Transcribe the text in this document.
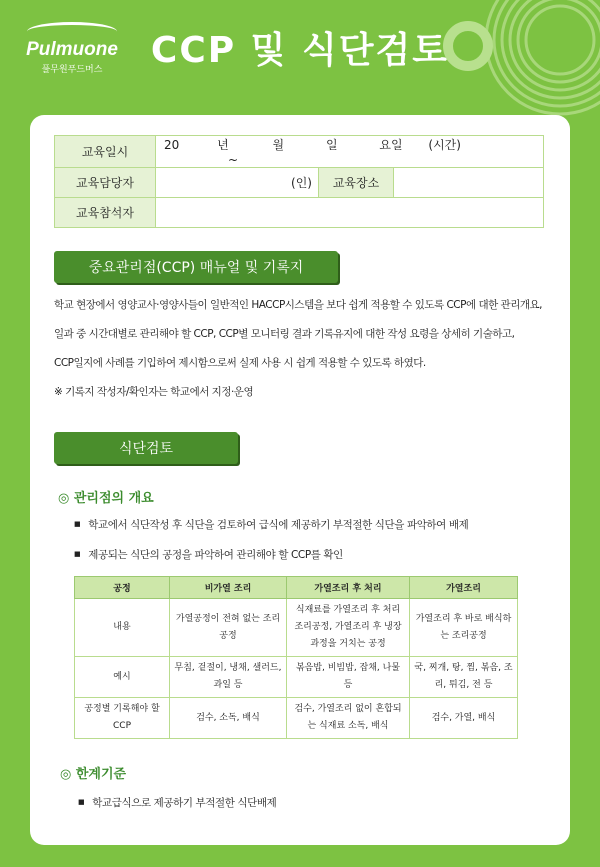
Pulmuone
풀무원푸드머스	CCP 및 식단검토
교육일시	20 년 월 일 요일 (시간) ~		
교육담당자	(인)	교육장소	
교육참석자			
중요관리점(CCP) 매뉴얼 및 기록지
학교 현장에서 영양교사·영양사들이 일반적인 HACCP시스템을 보다 쉽게 적용할 수 있도록 CCP에 대한 관리개요,
일과 중 시간대별로 관리해야 할 CCP, CCP별 모니터링 결과 기록유지에 대한 작성 요령을 상세히 기술하고,
CCP일지에 사례를 기입하여 제시함으로써 실제 사용 시 쉽게 적용할 수 있도록 하였다.
※ 기록지 작성자/확인자는 학교에서 지정·운영
식단검토
◎ 관리점의 개요
■ 학교에서 식단작성 후 식단을 검토하여 급식에 제공하기 부적절한 식단을 파악하여 배제
■ 제공되는 식단의 공정을 파악하여 관리해야 할 CCP를 확인
공정	비가열 조리	가열조리 후 처리	가열조리
내용	가열공정이 전혀 없는 조리공정	식재료를 가열조리 후 처리 조리공정, 가열조리 후 냉장과정을 거치는 공정	가열조리 후 바로 배식하는 조리공정
예시	무침, 겉절이, 냉채, 샐러드, 과일 등	볶음밥, 비빔밥, 잡채, 나물 등	국, 찌개, 탕, 찜, 볶음, 조리, 튀김, 전 등
공정별 기록해야 할 CCP	검수, 소독, 배식	검수, 가열조리 없이 혼합되는 식재료 소독, 배식	검수, 가열, 배식
◎ 한계기준
■ 학교급식으로 제공하기 부적절한 식단배제
